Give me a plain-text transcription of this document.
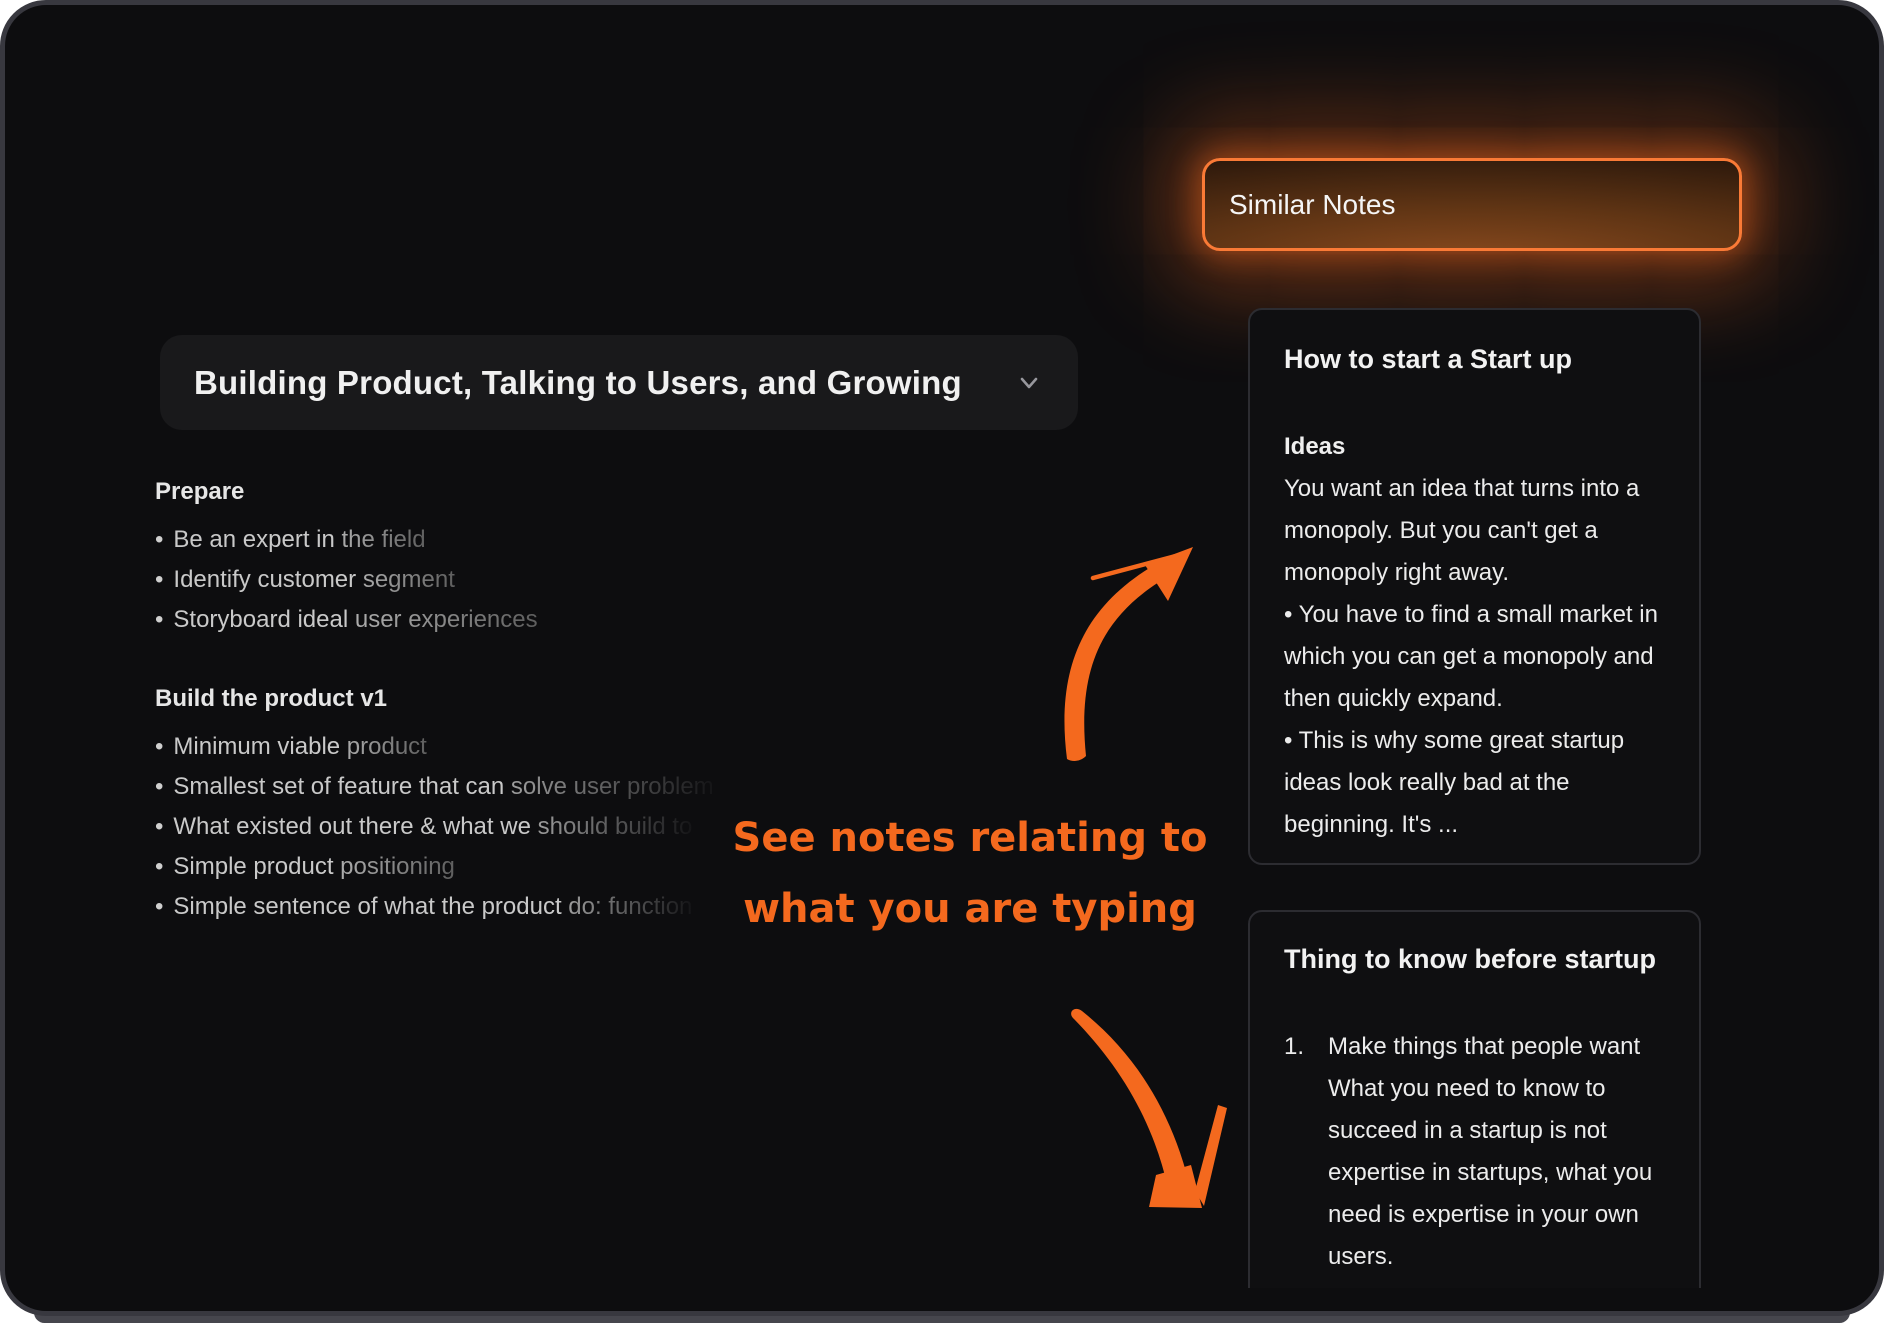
Building Product, Talking to Users, and Growing
Prepare
• Be an expert in the field
• Identify customer segment
• Storyboard ideal user experiences
Build the product v1
• Minimum viable product
• Smallest set of feature that can solve user problem
• What existed out there & what we should build to
• Simple product positioning
• Simple sentence of what the product do: function
Similar Notes
How to start a Start up
Ideas

You want an idea that turns into a monopoly. But you can't get a monopoly right away.

• You have to find a small market in which you can get a monopoly and then quickly expand.

• This is why some great startup ideas look really bad at the beginning. It's ...

Thing to know before startup
1. Make things that people want
What you need to know to succeed in a startup is not expertise in startups, what you need is expertise in your own users.
See notes relating to
what you are typing
